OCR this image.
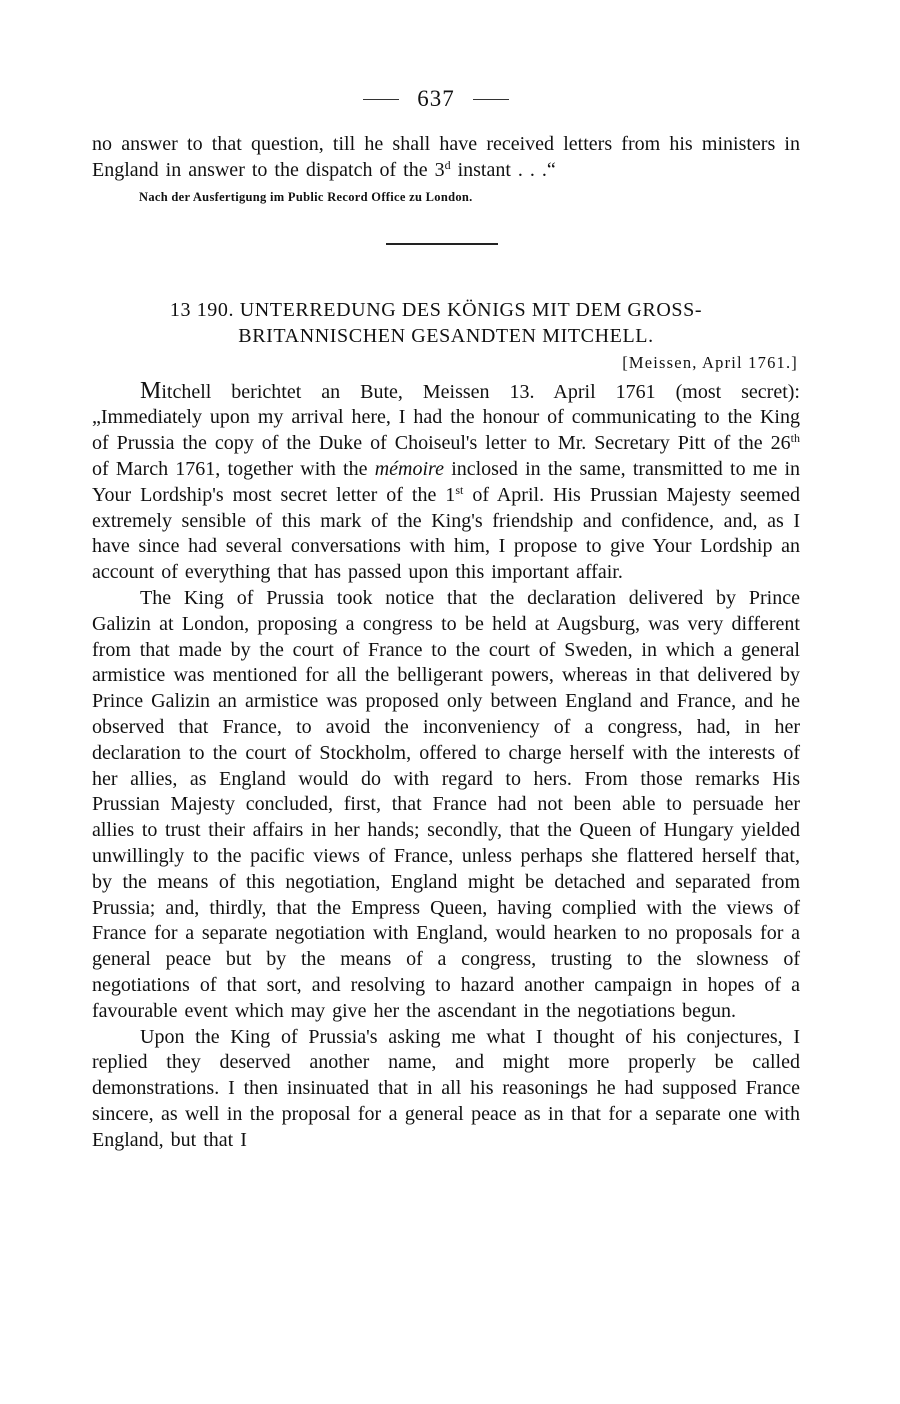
637
no answer to that question, till he shall have received letters from his ministers in England in answer to the dispatch of the 3$^d$ instant . . .“
Nach der Ausfertigung im Public Record Office zu London.
13 190. UNTERREDUNG DES KÖNIGS MIT DEM GROSS-
BRITANNISCHEN GESANDTEN MITCHELL.
[Meissen, April 1761.]

Mitchell berichtet an Bute, Meissen 13. April 1761 (most secret): „Immediately upon my arrival here, I had the honour of communicating to the King of Prussia the copy of the Duke of Choiseul's letter to Mr. Secretary Pitt of the 26th of March 1761, together with the mémoire inclosed in the same, transmitted to me in Your Lordship's most secret letter of the 1st of April. His Prussian Majesty seemed extremely sensible of this mark of the King's friendship and confidence, and, as I have since had several conversations with him, I propose to give Your Lordship an account of everything that has passed upon this important affair.

The King of Prussia took notice that the declaration delivered by Prince Galizin at London, proposing a congress to be held at Augsburg, was very different from that made by the court of France to the court of Sweden, in which a general armistice was mentioned for all the belligerant powers, whereas in that delivered by Prince Galizin an armistice was proposed only between England and France, and he observed that France, to avoid the inconveniency of a congress, had, in her declaration to the court of Stockholm, offered to charge herself with the interests of her allies, as England would do with regard to hers. From those remarks His Prussian Majesty concluded, first, that France had not been able to persuade her allies to trust their affairs in her hands; secondly, that the Queen of Hungary yielded unwillingly to the pacific views of France, unless perhaps she flattered herself that, by the means of this negotiation, England might be detached and separated from Prussia; and, thirdly, that the Empress Queen, having complied with the views of France for a separate negotiation with England, would hearken to no proposals for a general peace but by the means of a congress, trusting to the slowness of negotiations of that sort, and resolving to hazard another campaign in hopes of a favourable event which may give her the ascendant in the negotiations begun.

Upon the King of Prussia's asking me what I thought of his conjectures, I replied they deserved another name, and might more properly be called demonstrations. I then insinuated that in all his reasonings he had supposed France sincere, as well in the proposal for a general peace as in that for a separate one with England, but that I
